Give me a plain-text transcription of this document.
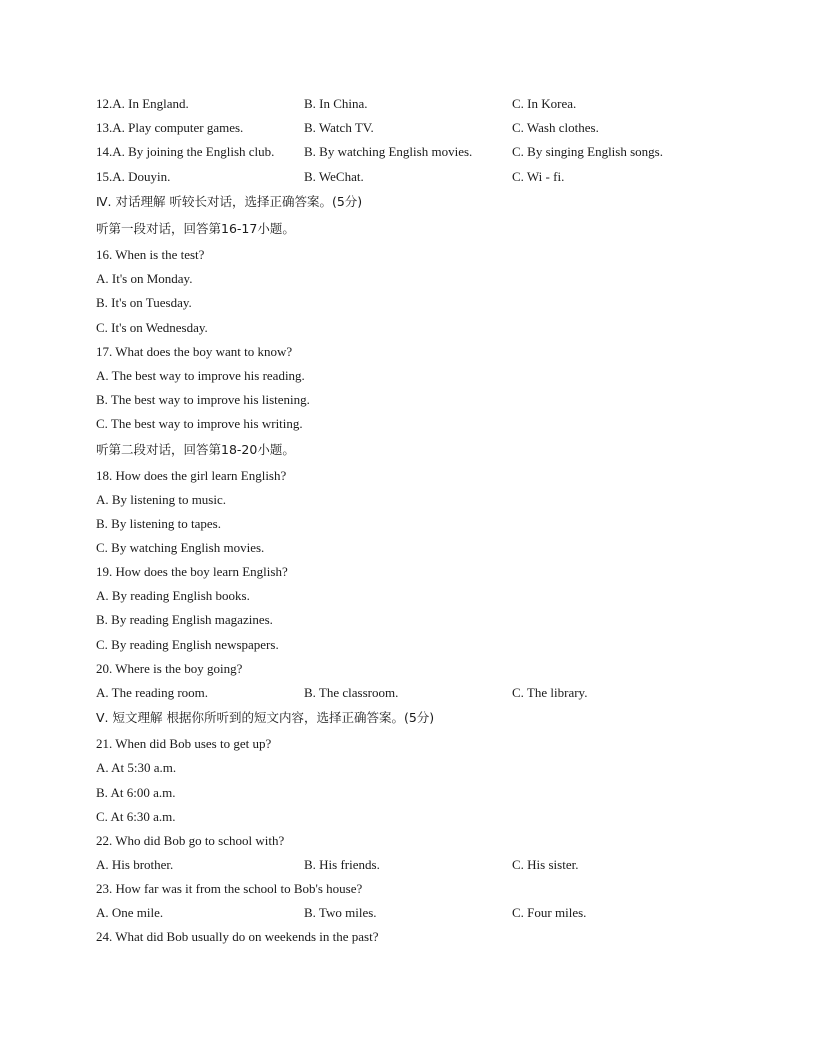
12.A. In England.	B. In China.	C. In Korea.
13.A. Play computer games.	B. Watch TV.	C. Wash clothes.
14.A. By joining the English club. B. By watching English movies.	C. By singing English songs.
15.A. Douyin.	B. WeChat.	C. Wi - fi.
Ⅳ. 对话理解 听较长对话，选择正确答案。(5分)
听第一段对话，回答第16-17小题。
16. When is the test?
A. It's on Monday.
B. It's on Tuesday.
C. It's on Wednesday.
17. What does the boy want to know?
A. The best way to improve his reading.
B. The best way to improve his listening.
C. The best way to improve his writing.
听第二段对话，回答第18-20小题。
18. How does the girl learn English?
A. By listening to music.
B. By listening to tapes.
C. By watching English movies.
19. How does the boy learn English?
A. By reading English books.
B. By reading English magazines.
C. By reading English newspapers.
20. Where is the boy going?
A. The reading room.	B. The classroom.	C. The library.
Ⅴ. 短文理解 根据你所听到的短文内容，选择正确答案。(5分)
21. When did Bob uses to get up?
A. At 5:30 a.m.
B. At 6:00 a.m.
C. At 6:30 a.m.
22. Who did Bob go to school with?
A. His brother.	B. His friends.	C. His sister.
23. How far was it from the school to Bob's house?
A. One mile.	B. Two miles.	C. Four miles.
24. What did Bob usually do on weekends in the past?
